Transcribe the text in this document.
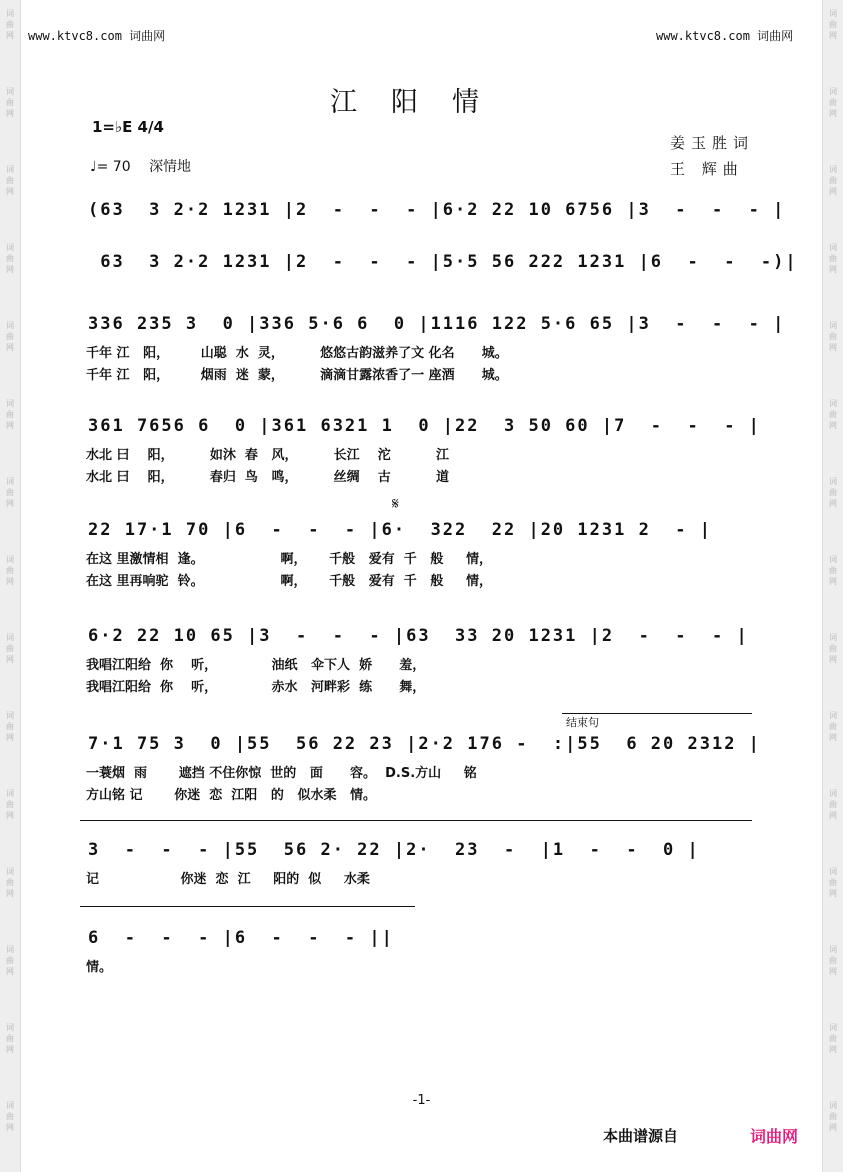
词
曲
网
词
曲
网
词
曲
网
词
曲
网
词
曲
网
词
曲
网
词
曲
网
词
曲
网
词
曲
网
词
曲
网
词
曲
网
词
曲
网
词
曲
网
词
曲
网
词
曲
网
词
曲
网
词
曲
网
词
曲
网
词
曲
网
词
曲
网
词
曲
网
词
曲
网
词
曲
网
词
曲
网
词
曲
网
词
曲
网
词
曲
网
词
曲
网
词
曲
网
词
曲
网
www.ktvc8.com 词曲网	www.ktvc8.com 词曲网
江阳情
1=♭E 4/4
♩= 70 深情地
姜玉胜词
王 辉曲
(63  3 2·2 1231 |2  -  -  - |6·2 22 10 6756 |3  -  -  - |
63  3 2·2 1231 |2  -  -  - |5·5 56 222 1231 |6  -  -  -)|
336 235 3  0 |336 5·6 6  0 |1116 122 5·6 65 |3  -  -  - |
千年 江   阳，       山聪  水  灵，        悠悠古韵滋养了文 化名      城。
千年 江   阳，       烟雨  迷  蒙，        滴滴甘露浓香了一 座酒      城。
361 7656 6  0 |361 6321 1  0 |22  3 50 60 |7  -  -  - |
水北 曰    阳，        如沐  春   风，        长江    沱          江
水北 曰    阳，        春归  鸟   鸣，        丝绸    古          道
22 17·1 70 |6  -  -  - |6·  322  22 |20 1231 2  - |
在这 里激情相  逢。                 啊，     千般   爱有  千   般     情，
在这 里再响驼  铃。                 啊，     千般   爱有  千   般     情，
6·2 22 10 65 |3  -  -  - |63  33 20 1231 |2  -  -  - |
我唱江阳给  你    听，            油纸   伞下人  娇      羞，
我唱江阳给  你    听，            赤水   河畔彩  练      舞，
7·1 75 3  0 |55  56 22 23 |2·2 176 -  :|55  6 20 2312 |
一蓑烟  雨       遮挡 不住你惊  世的   面      容。  D.S.方山     铭
方山铭 记       你迷  恋  江阳   的   似水柔   情。
3  -  -  - |55  56 2· 22 |2·  23  -  |1  -  -  0 |
记                  你迷  恋  江     阳的  似     水柔
6  -  -  - |6  -  -  - ||
情。
结束句
𝄋
-1-
本曲谱源自	词曲网
